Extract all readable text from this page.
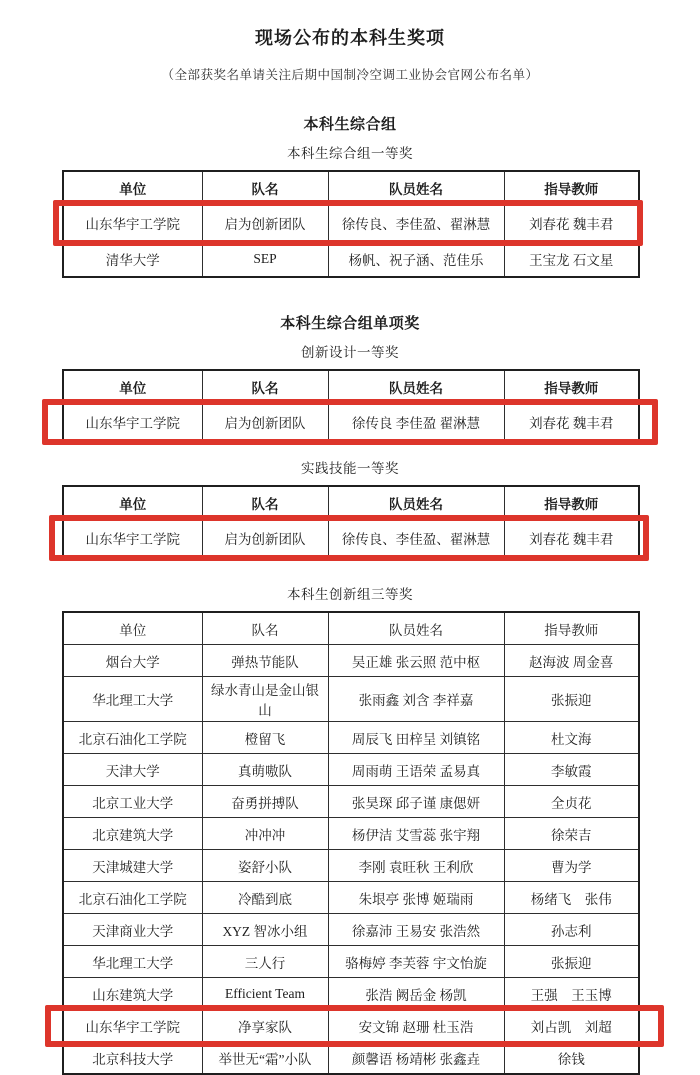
现场公布的本科生奖项
（全部获奖名单请关注后期中国制冷空调工业协会官网公布名单）
本科生综合组
本科生综合组一等奖
单位	队名	队员姓名	指导教师
山东华宇工学院	启为创新团队	徐传良、李佳盈、翟淋慧	刘春花 魏丰君
清华大学	SEP	杨帆、祝子涵、范佳乐	王宝龙 石文星
本科生综合组单项奖
创新设计一等奖
单位	队名	队员姓名	指导教师
山东华宇工学院	启为创新团队	徐传良 李佳盈 翟淋慧	刘春花 魏丰君
实践技能一等奖
单位	队名	队员姓名	指导教师
山东华宇工学院	启为创新团队	徐传良、李佳盈、翟淋慧	刘春花 魏丰君
本科生创新组三等奖
单位	队名	队员姓名	指导教师
烟台大学	弹热节能队	吴正雄 张云照 范中枢	赵海波 周金喜
华北理工大学	绿水青山是金山银山	张雨鑫 刘含 李祥嘉	张振迎
北京石油化工学院	橙留飞	周辰飞 田梓呈 刘镇铭	杜文海
天津大学	真萌嗷队	周雨萌 王语荣 孟易真	李敏霞
北京工业大学	奋勇拼搏队	张昊琛 邱子谨 康偲妍	全贞花
北京建筑大学	冲冲冲	杨伊洁 艾雪蕊 张宇翔	徐荣吉
天津城建大学	姿舒小队	李刚 袁旺秋 王利欣	曹为学
北京石油化工学院	冷酷到底	朱垠亭 张博 姬瑞雨	杨绪飞　张伟
天津商业大学	XYZ 智冰小组	徐嘉沛 王易安 张浩然	孙志利
华北理工大学	三人行	骆梅婷 李芙蓉 宇文怡旋	张振迎
山东建筑大学	Efficient Team	张浩 阙岳金 杨凯	王强　王玉博
山东华宇工学院	净享家队	安文锦 赵珊 杜玉浩	刘占凯　刘超
北京科技大学	举世无“霜”小队	颜馨语 杨靖彬 张鑫垚	徐钱
